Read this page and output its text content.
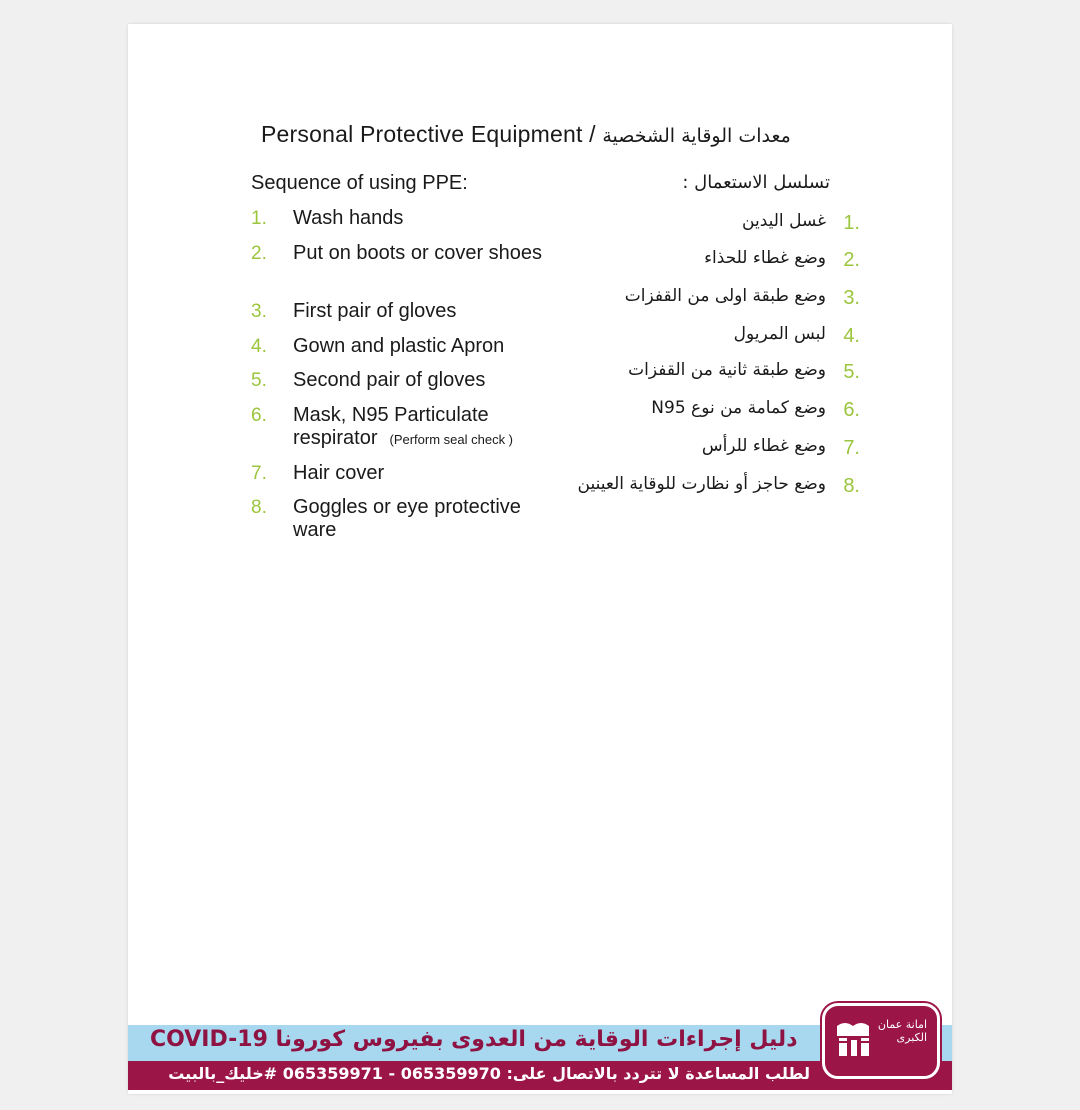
Personal Protective Equipment / معدات الوقاية الشخصية
Sequence of using PPE:	تسلسل الاستعمال :
1. Wash hands
2. Put on boots or cover shoes
3. First pair of gloves
4. Gown and plastic Apron
5. Second pair of gloves
6. Mask, N95 Particulate respirator (Perform seal check )
7. Hair cover
8. Goggles or eye protective ware
1.
غسل اليدين
2.
وضع غطاء للحذاء
3.
وضع طبقة اولى من القفزات
4.
لبس المريول
5.
وضع طبقة ثانية من القفزات
6.
وضع كمامة من نوع N95
7.
وضع غطاء للرأس
8.
وضع حاجز أو نظارت للوقاية العينين
دليل إجراءات الوقاية من العدوى بفيروس كورونا COVID-19
لطلب المساعدة لا تتردد بالاتصال على: 065359970 - 065359971 #خليك_بالبيت
امانة عمان الكبرى
